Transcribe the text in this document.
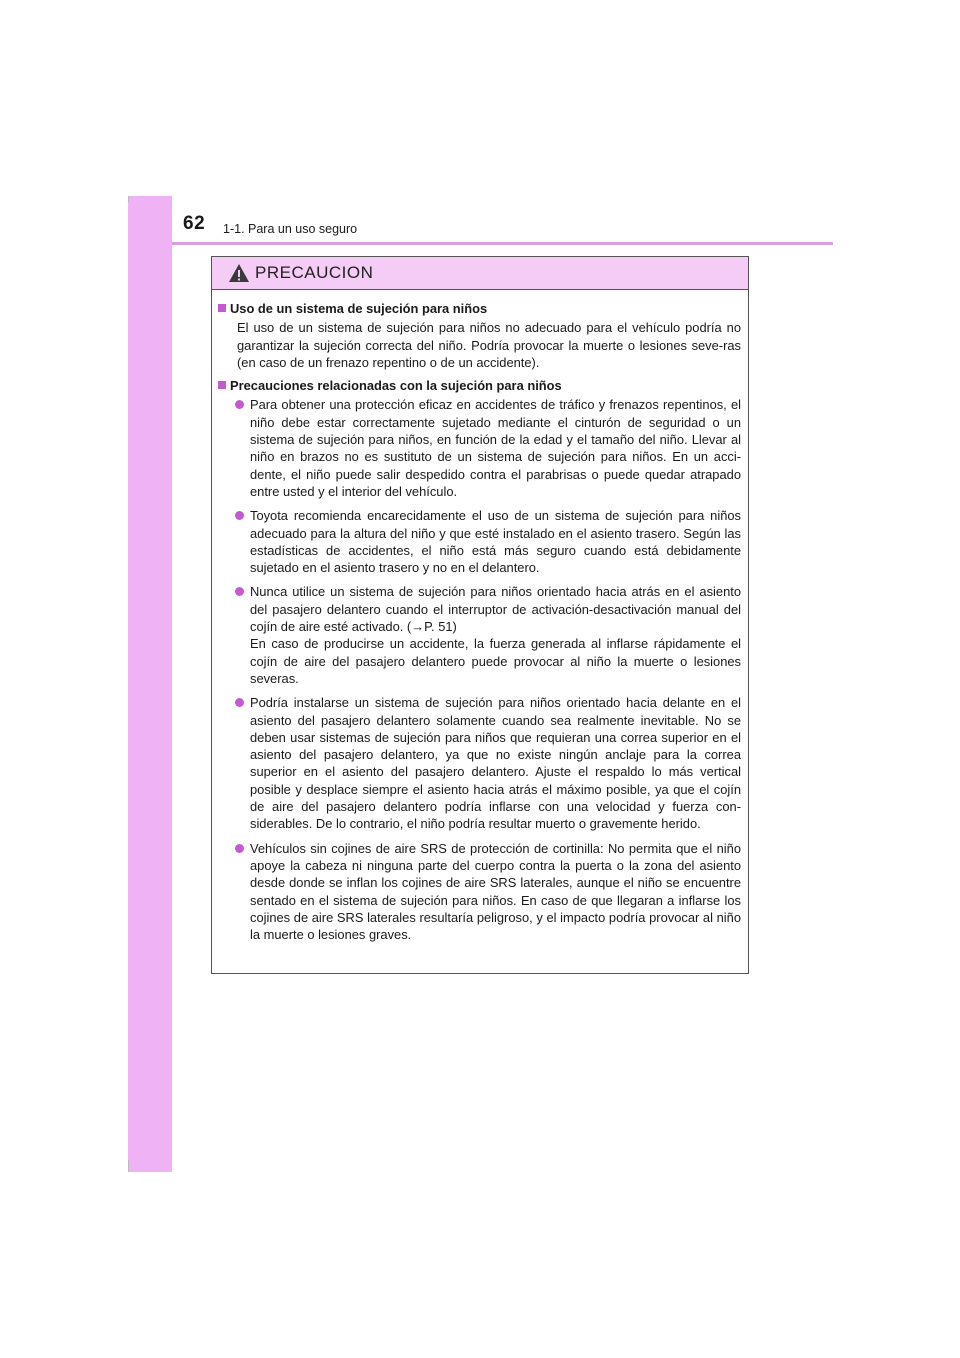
62 1-1. Para un uso seguro
PRECAUCION
Uso de un sistema de sujeción para niños
El uso de un sistema de sujeción para niños no adecuado para el vehículo podría no garantizar la sujeción correcta del niño. Podría provocar la muerte o lesiones seve-ras (en caso de un frenazo repentino o de un accidente).
Precauciones relacionadas con la sujeción para niños
Para obtener una protección eficaz en accidentes de tráfico y frenazos repentinos, el niño debe estar correctamente sujetado mediante el cinturón de seguridad o un sistema de sujeción para niños, en función de la edad y el tamaño del niño. Llevar al niño en brazos no es sustituto de un sistema de sujeción para niños. En un acci-dente, el niño puede salir despedido contra el parabrisas o puede quedar atrapado entre usted y el interior del vehículo.
Toyota recomienda encarecidamente el uso de un sistema de sujeción para niños adecuado para la altura del niño y que esté instalado en el asiento trasero. Según las estadísticas de accidentes, el niño está más seguro cuando está debidamente sujetado en el asiento trasero y no en el delantero.
Nunca utilice un sistema de sujeción para niños orientado hacia atrás en el asiento del pasajero delantero cuando el interruptor de activación-desactivación manual del cojín de aire esté activado. (→P. 51)
En caso de producirse un accidente, la fuerza generada al inflarse rápidamente el cojín de aire del pasajero delantero puede provocar al niño la muerte o lesiones severas.
Podría instalarse un sistema de sujeción para niños orientado hacia delante en el asiento del pasajero delantero solamente cuando sea realmente inevitable. No se deben usar sistemas de sujeción para niños que requieran una correa superior en el asiento del pasajero delantero, ya que no existe ningún anclaje para la correa superior en el asiento del pasajero delantero. Ajuste el respaldo lo más vertical posible y desplace siempre el asiento hacia atrás el máximo posible, ya que el cojín de aire del pasajero delantero podría inflarse con una velocidad y fuerza con-siderables. De lo contrario, el niño podría resultar muerto o gravemente herido.
Vehículos sin cojines de aire SRS de protección de cortinilla: No permita que el niño apoye la cabeza ni ninguna parte del cuerpo contra la puerta o la zona del asiento desde donde se inflan los cojines de aire SRS laterales, aunque el niño se encuentre sentado en el sistema de sujeción para niños. En caso de que llegaran a inflarse los cojines de aire SRS laterales resultaría peligroso, y el impacto podría provocar al niño la muerte o lesiones graves.
